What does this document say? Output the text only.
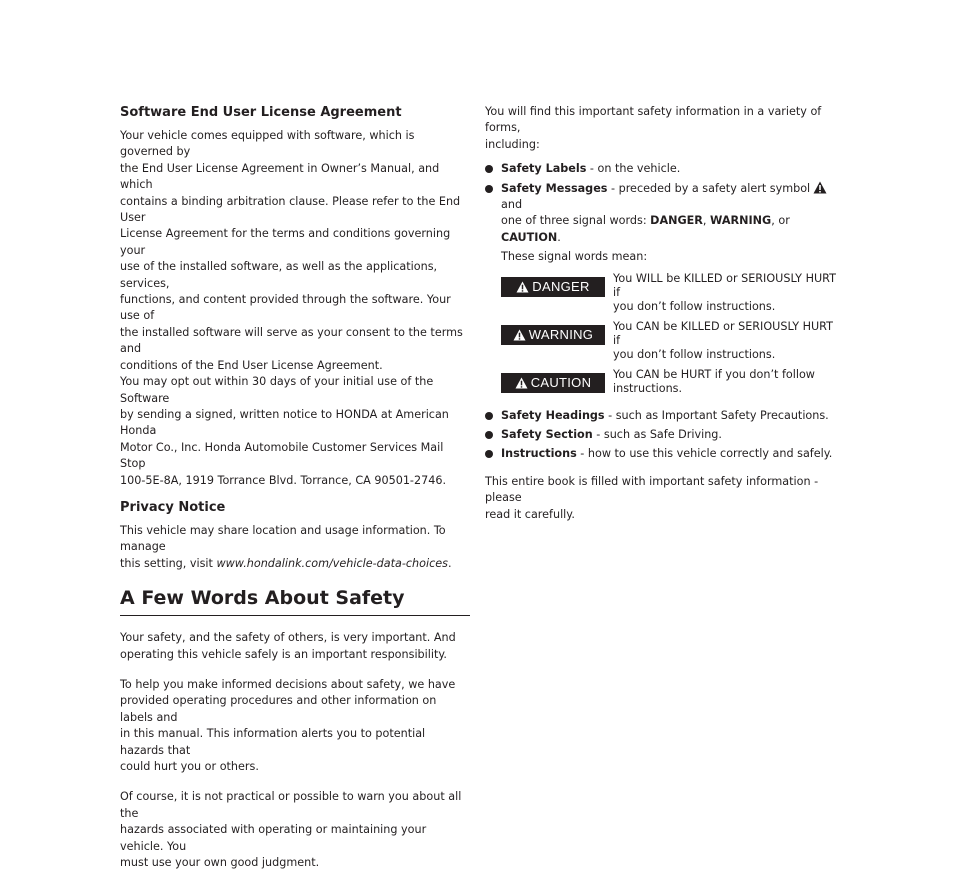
Software End User License Agreement

Your vehicle comes equipped with software, which is governed by

the End User License Agreement in Owner’s Manual, and which

contains a binding arbitration clause. Please refer to the End User

License Agreement for the terms and conditions governing your

use of the installed software, as well as the applications, services,

functions, and content provided through the software. Your use of

the installed software will serve as your consent to the terms and

conditions of the End User License Agreement.

You may opt out within 30 days of your initial use of the Software

by sending a signed, written notice to HONDA at American Honda

Motor Co., Inc. Honda Automobile Customer Services Mail Stop

100-5E-8A, 1919 Torrance Blvd. Torrance, CA 90501-2746.

Privacy Notice

This vehicle may share location and usage information. To manage

this setting, visit www.hondalink.com/vehicle-data-choices.

A Few Words About Safety

Your safety, and the safety of others, is very important. And

operating this vehicle safely is an important responsibility.

To help you make informed decisions about safety, we have

provided operating procedures and other information on labels and

in this manual. This information alerts you to potential hazards that

could hurt you or others.

Of course, it is not practical or possible to warn you about all the

hazards associated with operating or maintaining your vehicle. You

must use your own good judgment.

You will find this important safety information in a variety of forms,

including:

Safety Labels - on the vehicle.
Safety Messages - preceded by a safety alert symbol and

one of three signal words: DANGER, WARNING, or CAUTION.

These signal words mean:

DANGER
You WILL be KILLED or SERIOUSLY HURT if
you don’t follow instructions.
WARNING
You CAN be KILLED or SERIOUSLY HURT if
you don’t follow instructions.
CAUTION
You CAN be HURT if you don’t follow
instructions.
Safety Headings - such as Important Safety Precautions.
Safety Section - such as Safe Driving.
Instructions - how to use this vehicle correctly and safely.

This entire book is filled with important safety information - please

read it carefully.
